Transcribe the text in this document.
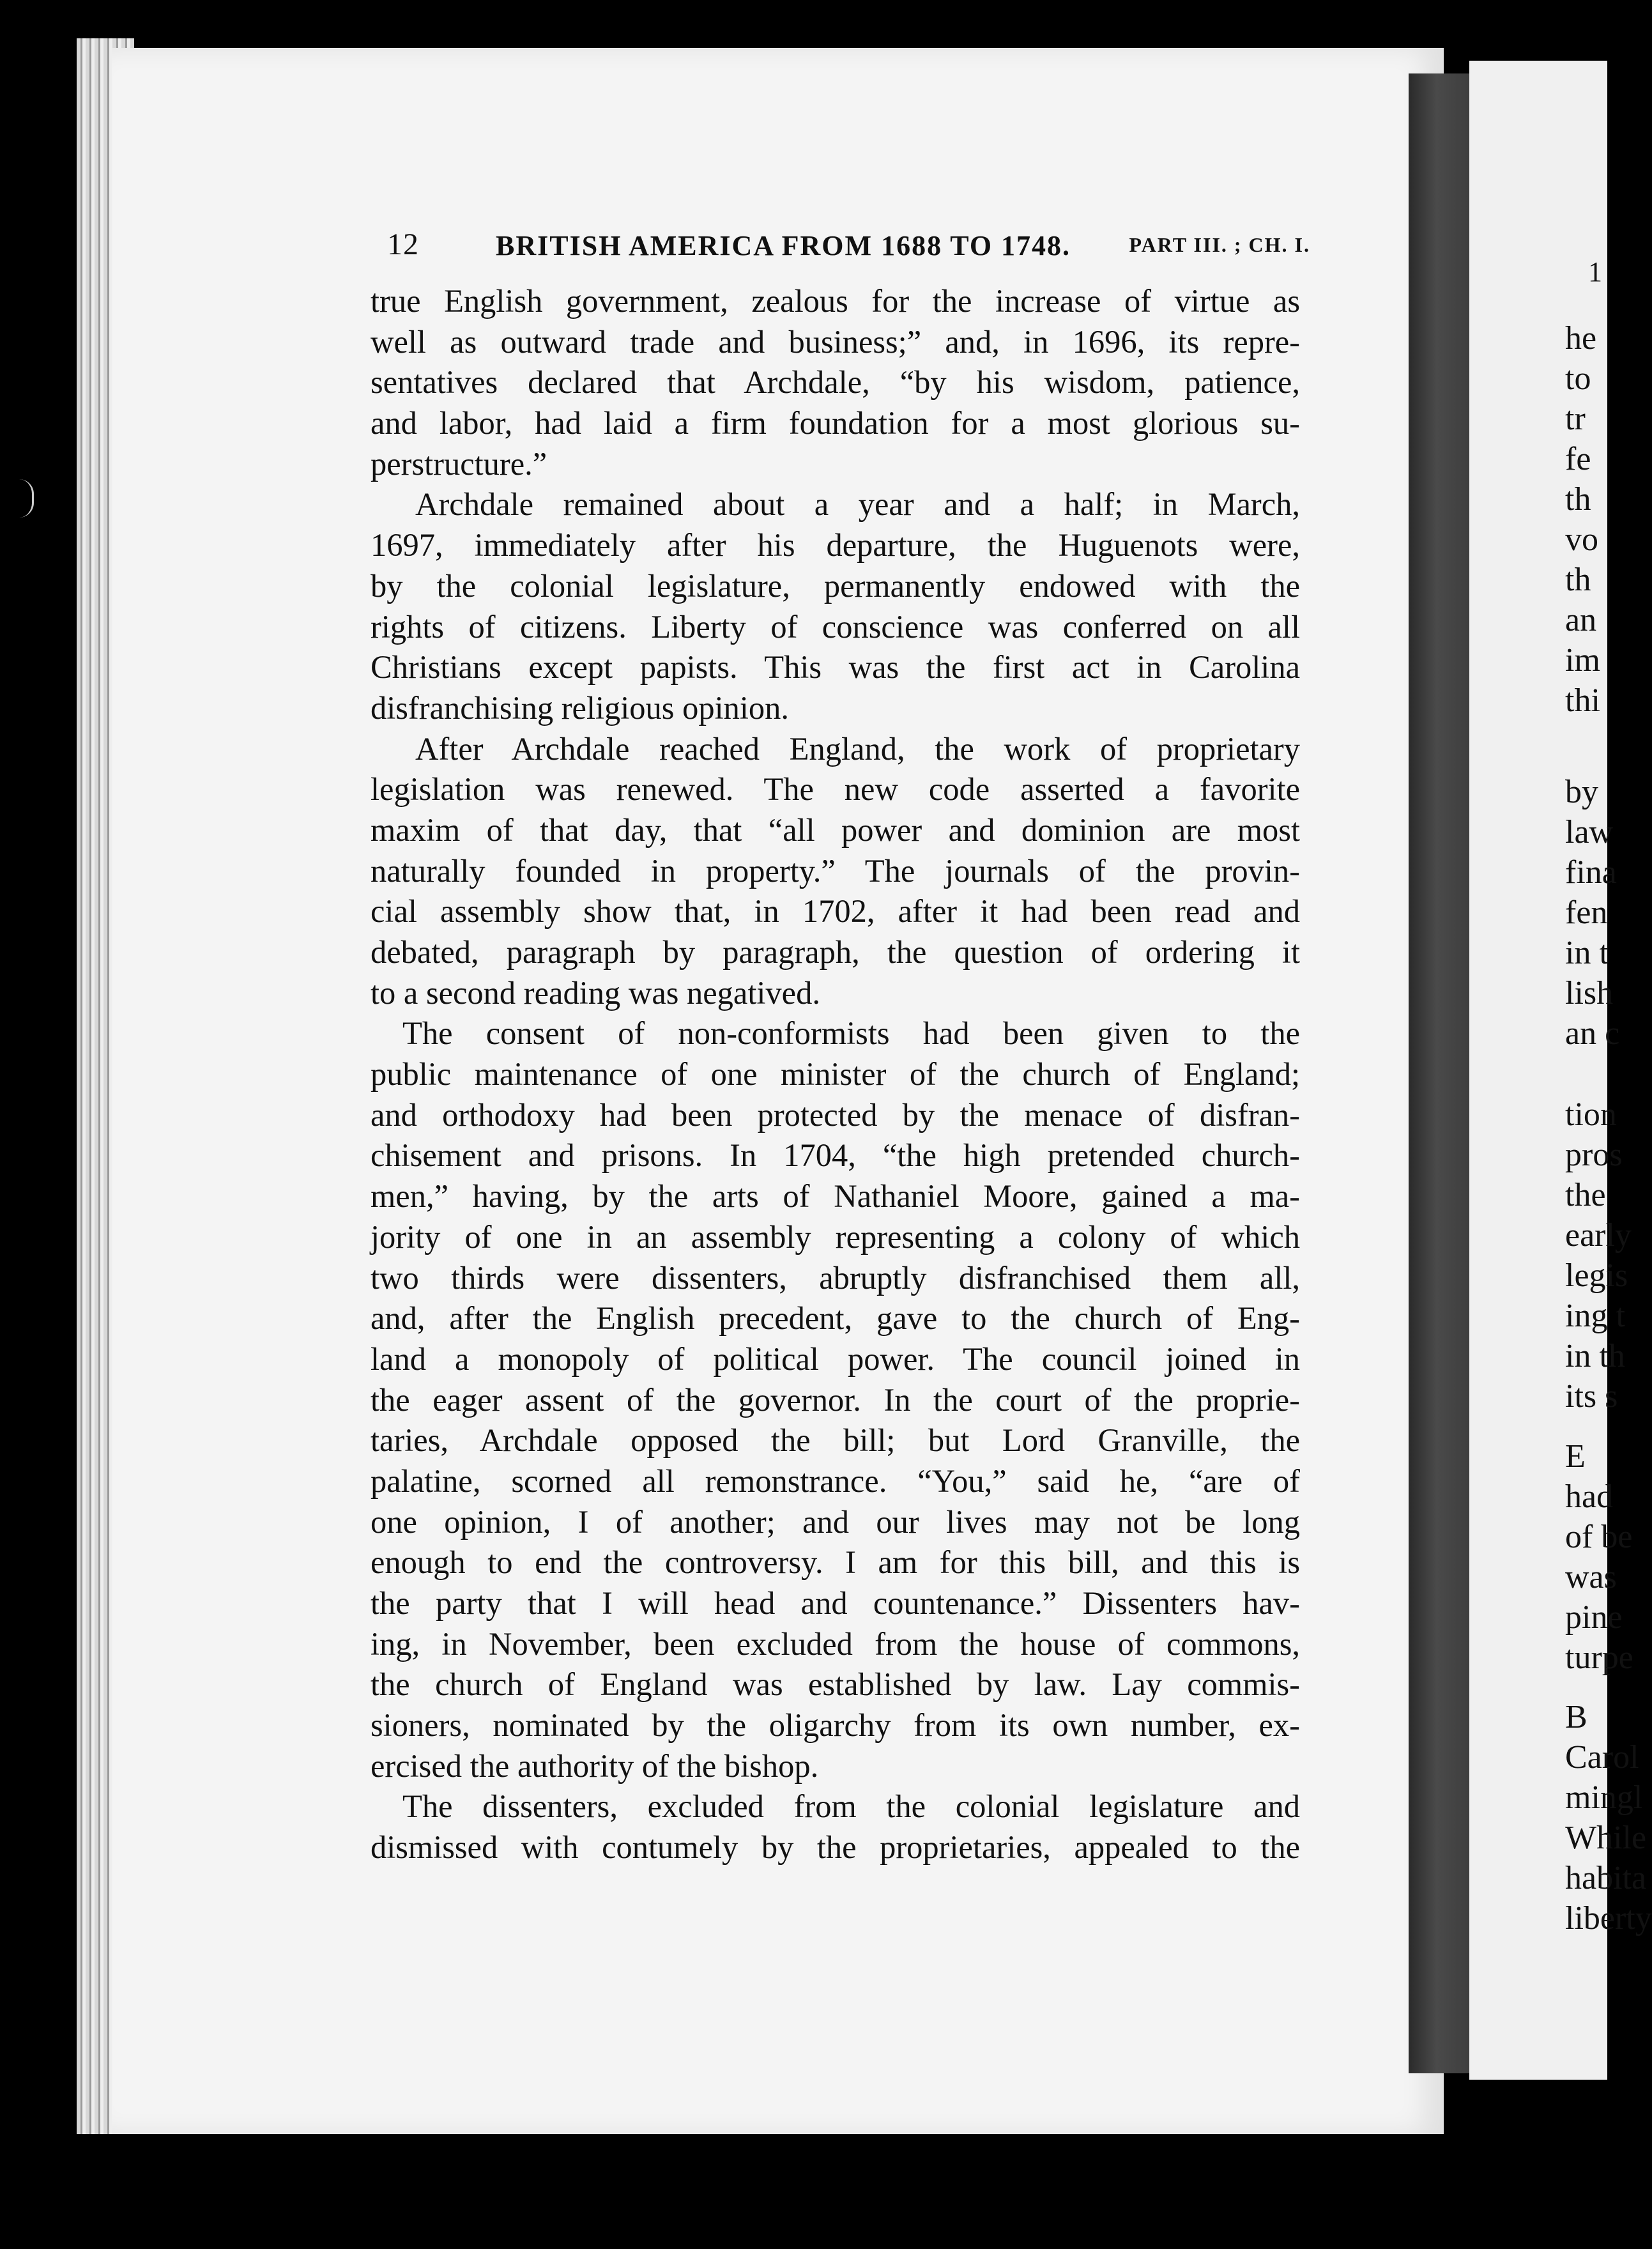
1
he
to
tr
fe
th
vo
th
an
im
thi
by
law
fina
fen
in t
lish
an c
tion
pros
the
early
legis
ing t
in th
its s
E
had
of be
was
pine
turpe
B
Carol
mingl
While
habita
liberty
12	BRITISH AMERICA FROM 1688 TO 1748.	PART III. ; CH. I.
true English government, zealous for the increase of virtue as
well as outward trade and business;” and, in 1696, its repre-
sentatives declared that Archdale, “by his wisdom, patience,
and labor, had laid a firm foundation for a most glorious su-
perstructure.”
Archdale remained about a year and a half; in March,
1697, immediately after his departure, the Huguenots were,
by the colonial legislature, permanently endowed with the
rights of citizens. Liberty of conscience was conferred on all
Christians except papists. This was the first act in Carolina
disfranchising religious opinion.
After Archdale reached England, the work of proprietary
legislation was renewed. The new code asserted a favorite
maxim of that day, that “all power and dominion are most
naturally founded in property.” The journals of the provin-
cial assembly show that, in 1702, after it had been read and
debated, paragraph by paragraph, the question of ordering it
to a second reading was negatived.
The consent of non-conformists had been given to the
public maintenance of one minister of the church of England;
and orthodoxy had been protected by the menace of disfran-
chisement and prisons. In 1704, “the high pretended church-
men,” having, by the arts of Nathaniel Moore, gained a ma-
jority of one in an assembly representing a colony of which
two thirds were dissenters, abruptly disfranchised them all,
and, after the English precedent, gave to the church of Eng-
land a monopoly of political power. The council joined in
the eager assent of the governor. In the court of the proprie-
taries, Archdale opposed the bill; but Lord Granville, the
palatine, scorned all remonstrance. “You,” said he, “are of
one opinion, I of another; and our lives may not be long
enough to end the controversy. I am for this bill, and this is
the party that I will head and countenance.” Dissenters hav-
ing, in November, been excluded from the house of commons,
the church of England was established by law. Lay commis-
sioners, nominated by the oligarchy from its own number, ex-
ercised the authority of the bishop.
The dissenters, excluded from the colonial legislature and
dismissed with contumely by the proprietaries, appealed to the
